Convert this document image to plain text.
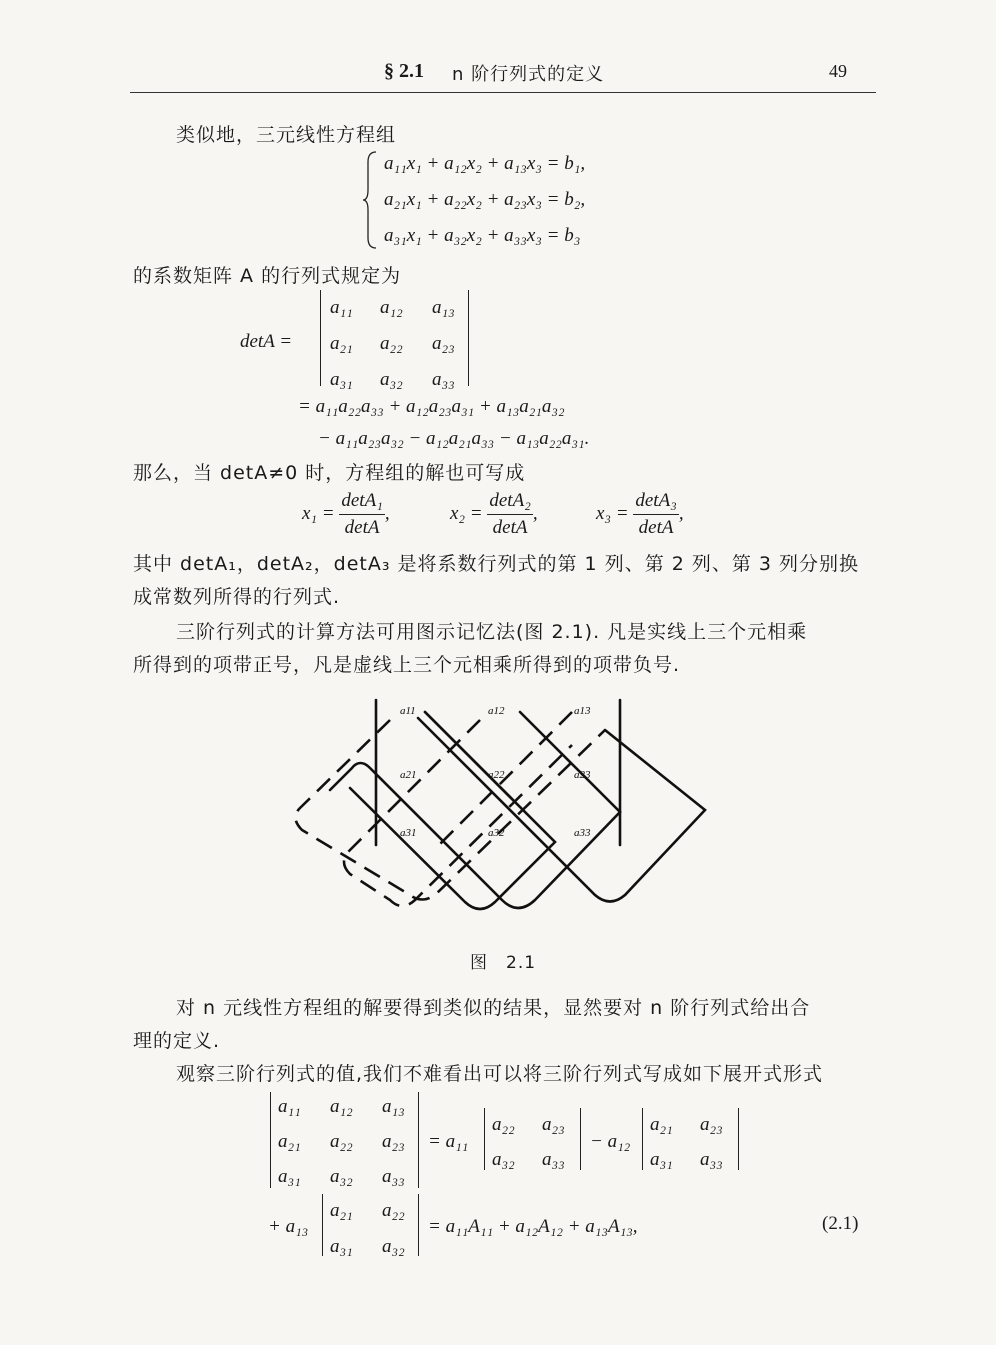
§ 2.1 n 阶行列式的定义	49
类似地，三元线性方程组
a₁₁x₁ + a₁₂x₂ + a₁₃x₃ = b₁,
a₂₁x₁ + a₂₂x₂ + a₂₃x₃ = b₂,
a₃₁x₁ + a₃₂x₂ + a₃₃x₃ = b₃
的系数矩阵 A 的行列式规定为
detA =
a₁₁ a₁₂ a₁₃
a₂₁ a₂₂ a₂₃
a₃₁ a₃₂ a₃₃
= a₁₁a₂₂a₃₃ + a₁₂a₂₃a₃₁ + a₁₃a₂₁a₃₂
− a₁₁a₂₃a₃₂ − a₁₂a₂₁a₃₃ − a₁₃a₂₂a₃₁.
那么，当 detA≠0 时，方程组的解也可写成
$x_1 = \frac{\text{detA₁}}{\det A}$ ,	$x_2 = \frac{\text{detA₂}}{\det A}$ ,	$x_3 = \frac{\text{detA₃}}{\det A}$ ,
其中 detA₁，detA₂，detA₃ 是将系数行列式的第 1 列、第 2 列、第 3 列分别换
成常数列所得的行列式.
三阶行列式的计算方法可用图示记忆法(图 2.1). 凡是实线上三个元相乘
所得到的项带正号，凡是虚线上三个元相乘所得到的项带负号.
a11	a12	a13
a21	a22	a23
a31	a32	a33
图　2.1
对 n 元线性方程组的解要得到类似的结果，显然要对 n 阶行列式给出合
理的定义.
观察三阶行列式的值,我们不难看出可以将三阶行列式写成如下展开式形式
a₁₁ a₁₂ a₁₃
a₂₁ a₂₂ a₂₃
a₃₁ a₃₂ a₃₃
= a₁₁
a₂₂ a₂₃
a₃₂ a₃₃
− a₁₂
a₂₁ a₂₃
a₃₁ a₃₃
+ a₁₃
a₂₁ a₂₂
a₃₁ a₃₂
= a₁₁A₁₁ + a₁₂A₁₂ + a₁₃A₁₃,	(2.1)
